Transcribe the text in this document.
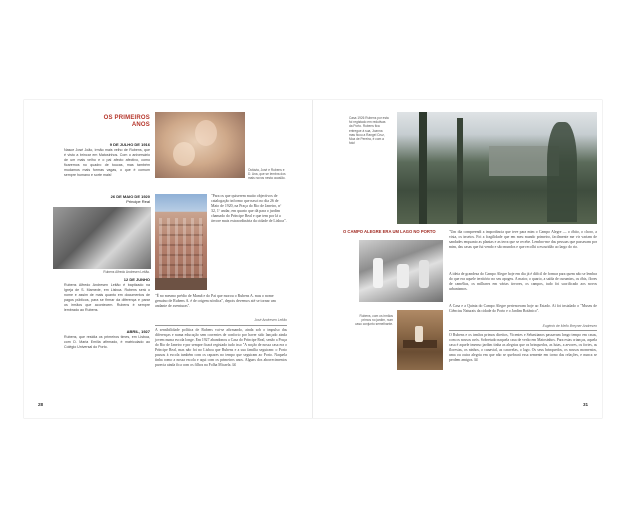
OS PRIMEIROS
ANOS
9 DE JULHO DE 1916
Nasce José João, irmão mais velho de Rubens, que é visto a brincar em Matosinhos. Com o aniversário de um mais velho e o pai afecto afectivo, como ficaremos no quadro de toucas, mas também mudamos mais formas vagas, o que é comum sempre humano e sorte mais!
26 DE MAIO DE 1920
Principe Real
Rubens Alfredo Andresen Leitão.
12 DE JUNHO
Rubens Alfredo Andresen Leitão é baptizado na Igreja de S. Mamede, em Lisboa. Rubens será o nome e assim de mais quanto em documentos de pagos públicos, para se firmar da diferença e parar os irmãos que acontecem. Rubens é sempre lembrado ao Rubens.
ABRIL, 1927
Rubens, que residia os primeiros times, em Lisboa, com D. Maria Emília afirmado, é matriculado ao Colégio Universal do Porto.
Octávia, José e Rubens e D. Ana, que se lembra dos mais novos nesta ocasião.
"Para os que quiserem muito objectivos de catalogação informo que nasci no dia 26 de Maio de 1920, na Praça do Rio de Janeiro, nº 32, 1º andar, em quarto que dá para o jardim chamado do Príncipe Real e que tem por lá a árvore mais extraordinária da cidade de Lisboa".
"É no mesmo prédio de Mamã e do Pai que morou o Rubens A. mas o nome genuíno de Rubens A. é de origem nórdica", depois devemos até se tornar um andante de aventuras".
José Andresen Leitão
A sensibilidade política de Rubens vai-se afirmando, ainda sob o impulso das diferenças e numa educação sem correntes de conforto por haver sido lançado ainda jovem numa escola longe. Em 1927 abandonou a Casa do Príncipe Real, senão a Praça do Rio de Janeiro e por sempre ficará registado tudo isso "A noção de nossa casa era o Príncipe Real, mas não foi no Lisboa que Rubens e a sua família seguiram: o Porto passou à escola também com os rapazes no tempo que seguiram ao Porto. Naquela tinha como a nossa escola e aqui com os primeiros anos. Alguns dos aborrecimentos parecia ainda fica com os filhos na Folha Micaela. ☒
28
Casa 1926 Rubens por esta foi registado em redutivas da Porto. Rubens fica entregue à sua, Joanna mas ficou a Rangel Cruz, Moa de Pereira, é com a foto!
O CAMPO ALEGRE ERA UM LAGO NO PORTO
Rubens, com os irmãos primos no jardim, num caso conjunto semelhante.
"Um dia compreendi a importância que teve para mim o Campo Alegre — o óbito, o choro, a vista, os insetos. Foi a fragilidade que em meu mundo primeiro, facilmente me vir variam de sandades enquanto as plantas e as terra que se recebe. Lembro-me das pessoas que passavam por mim, das casas que fui vendo e são mundos e que recolhi a escuridão ao largo do rio.
A ideia de grandeza do Campo Alegre hoje em dia já é difícil de formar para quem não se lembra do que era aquele território no seu apogeu. A maior, o quarto, a saída de curumins, os óbis, flores de camélias, os milhares em várias árvores, os campos, tudo foi sacrificado aos novos urbanismos.
A Casa e a Quinta do Campo Alegre pertenceram hoje ao Estado. Aí foi instalado o "Museu de Ciências Naturais da cidade do Porto e o Jardim Botânico".
Eugénio de Mello Breyner Andresen
O Rubens e os irmãos primos direitos, Vicentes e Sebastianos passavam longo tempo em casas, com os nossos avós. Sobretudo naquela casa de verão em Matosinhos. Para estas crianças, aquela casa é aquele imenso jardim tinha as alegrias que os brinquedos, as lutas, a arvores, os fortes, as florestas, os ninhos, o canavial, as caravelas, o lago. Os seus brinquedos, os nossos momentos, uma ou outra alegria em que não se quebrará essa semente em torno das relações, e nunca se perdem amigos. ☒
31
